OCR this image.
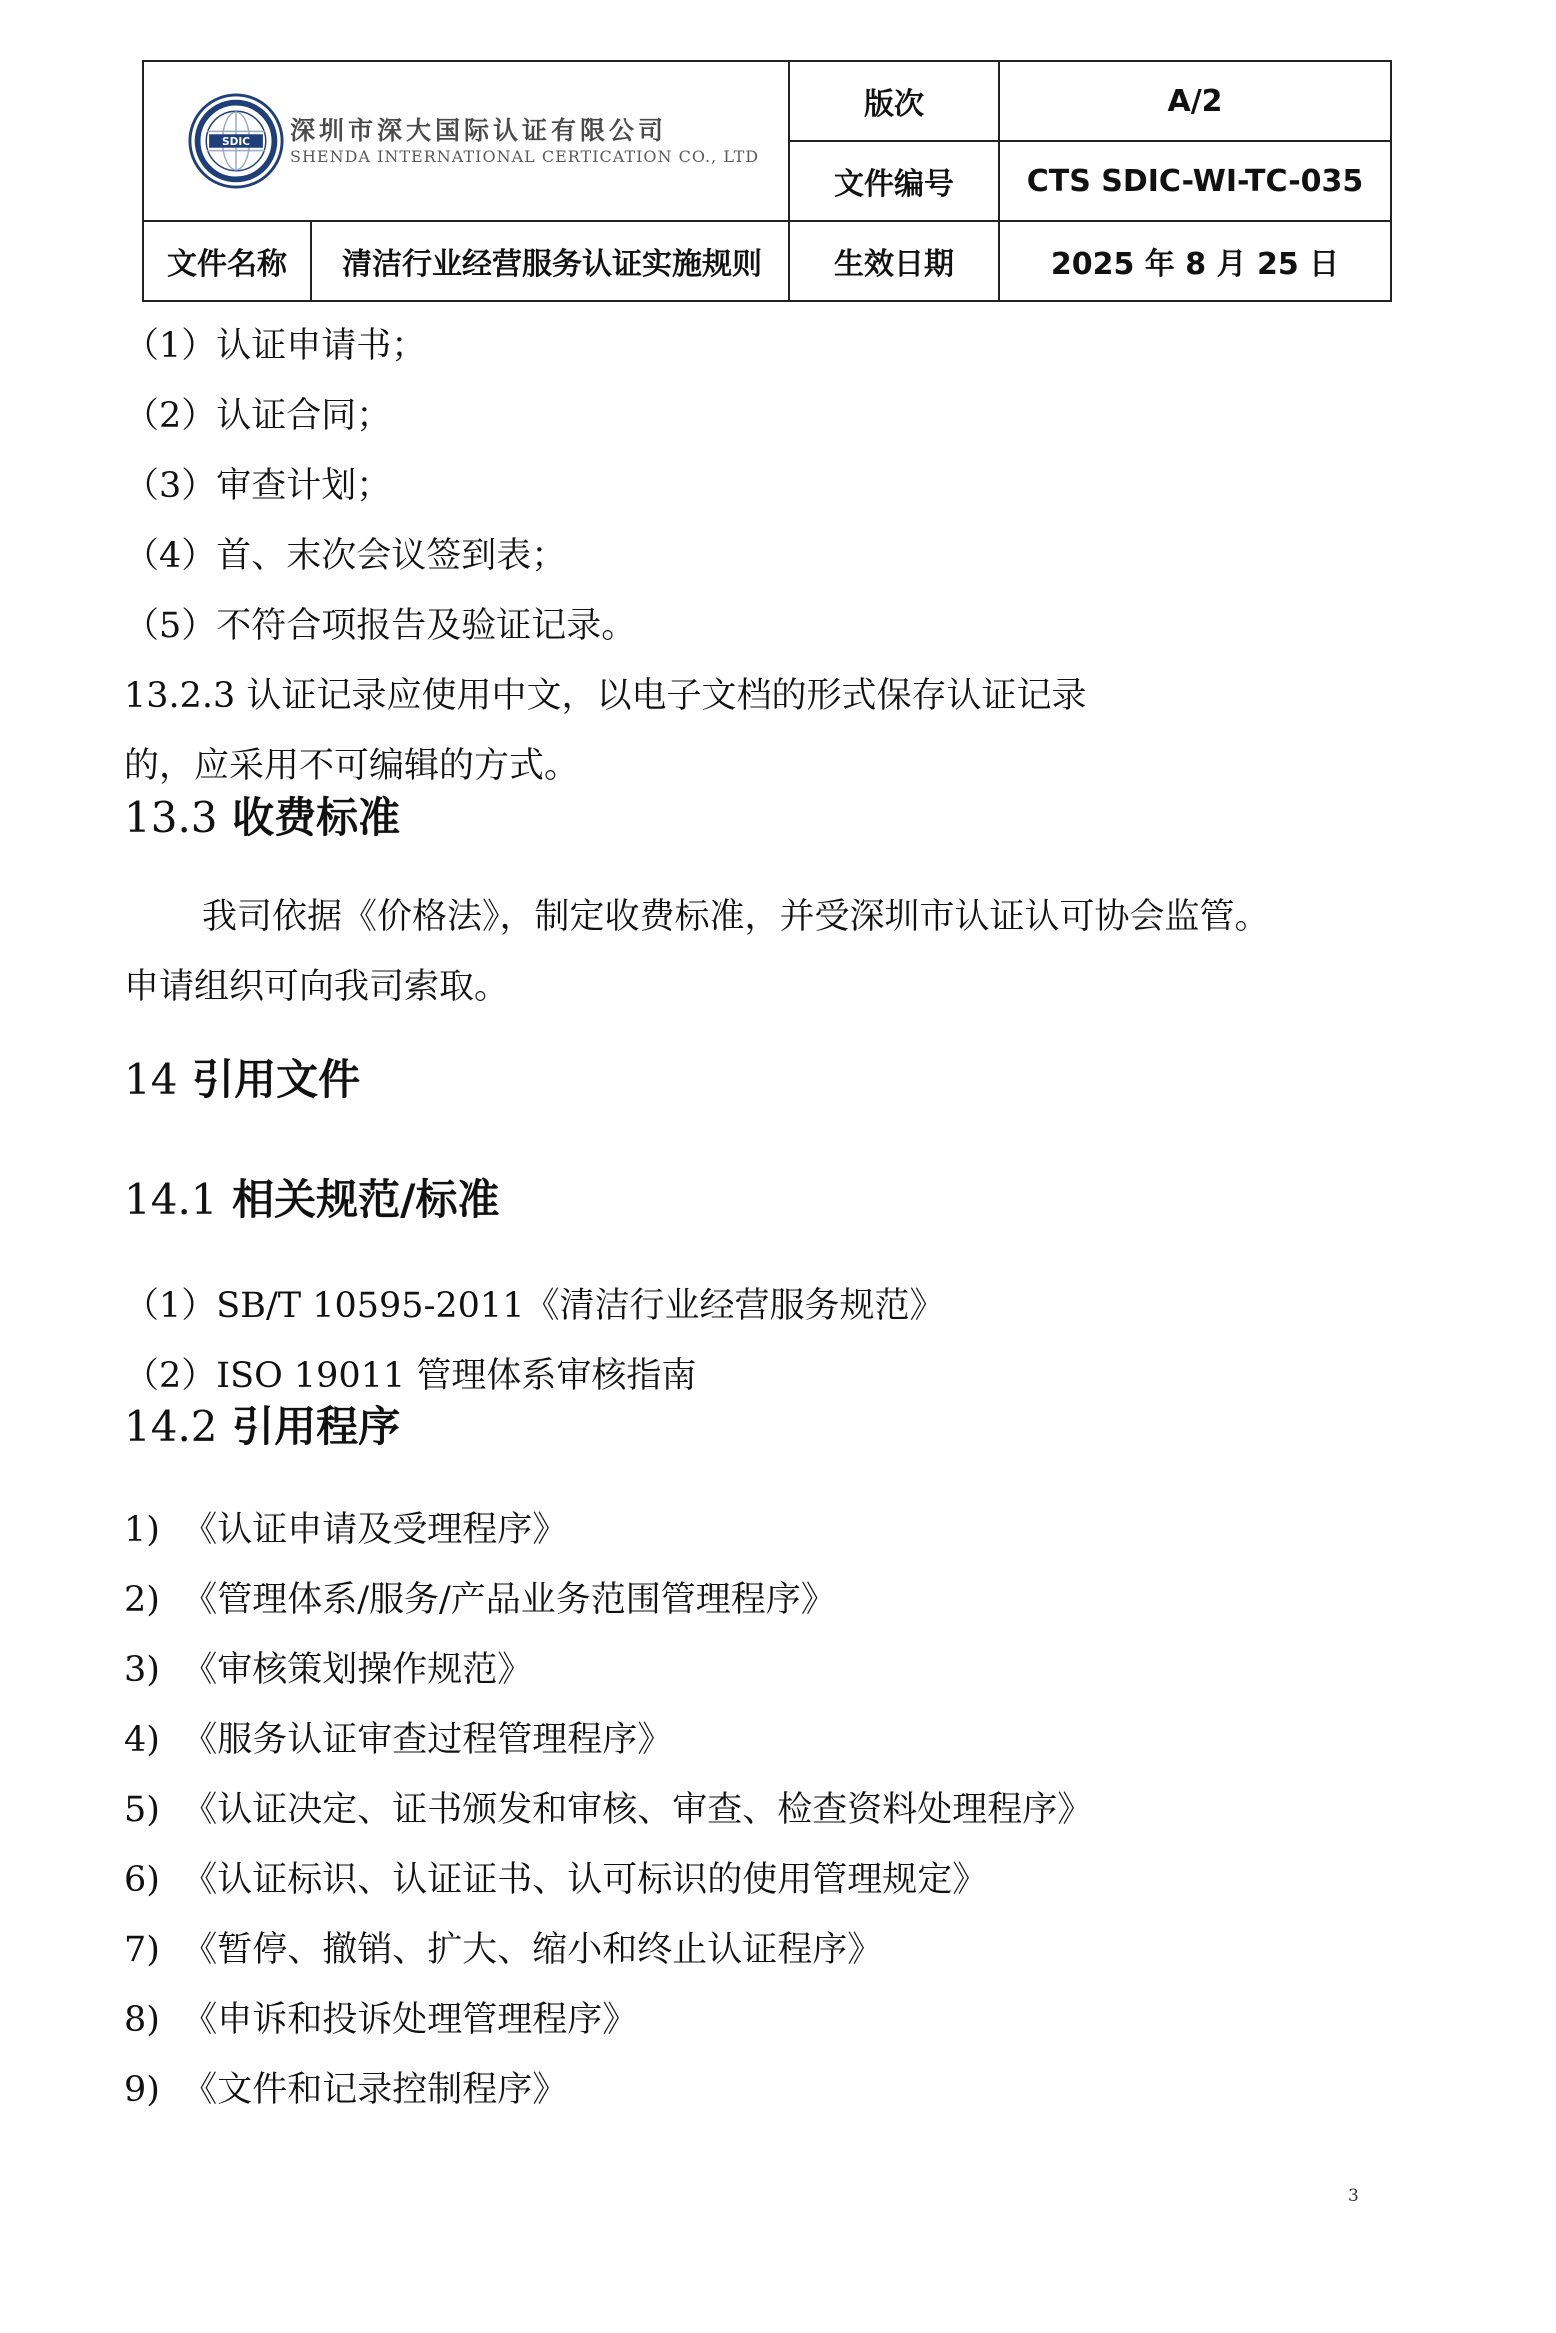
SDIC 深圳市深大国际认证有限公司
SHENDA INTERNATIONAL CERTICATION CO., LTD		版次	A/2
		文件编号	CTS SDIC-WI-TC-035
文件名称	清洁行业经营服务认证实施规则	生效日期	2025 年 8 月 25 日

（1）认证申请书；

（2）认证合同；

（3）审查计划；

（4）首、末次会议签到表；

（5）不符合项报告及验证记录。

13.2.3 认证记录应使用中文，以电子文档的形式保存认证记录

的，应采用不可编辑的方式。

13.3 收费标准

我司依据《价格法》，制定收费标准，并受深圳市认证认可协会监管。

申请组织可向我司索取。

14 引用文件
14.1 相关规范/标准

（1）SB/T 10595-2011《清洁行业经营服务规范》

（2）ISO 19011 管理体系审核指南

14.2 引用程序

1) 《认证申请及受理程序》

2) 《管理体系/服务/产品业务范围管理程序》

3) 《审核策划操作规范》

4) 《服务认证审查过程管理程序》

5) 《认证决定、证书颁发和审核、审查、检查资料处理程序》

6) 《认证标识、认证证书、认可标识的使用管理规定》

7) 《暂停、撤销、扩大、缩小和终止认证程序》

8) 《申诉和投诉处理管理程序》

9) 《文件和记录控制程序》

3
